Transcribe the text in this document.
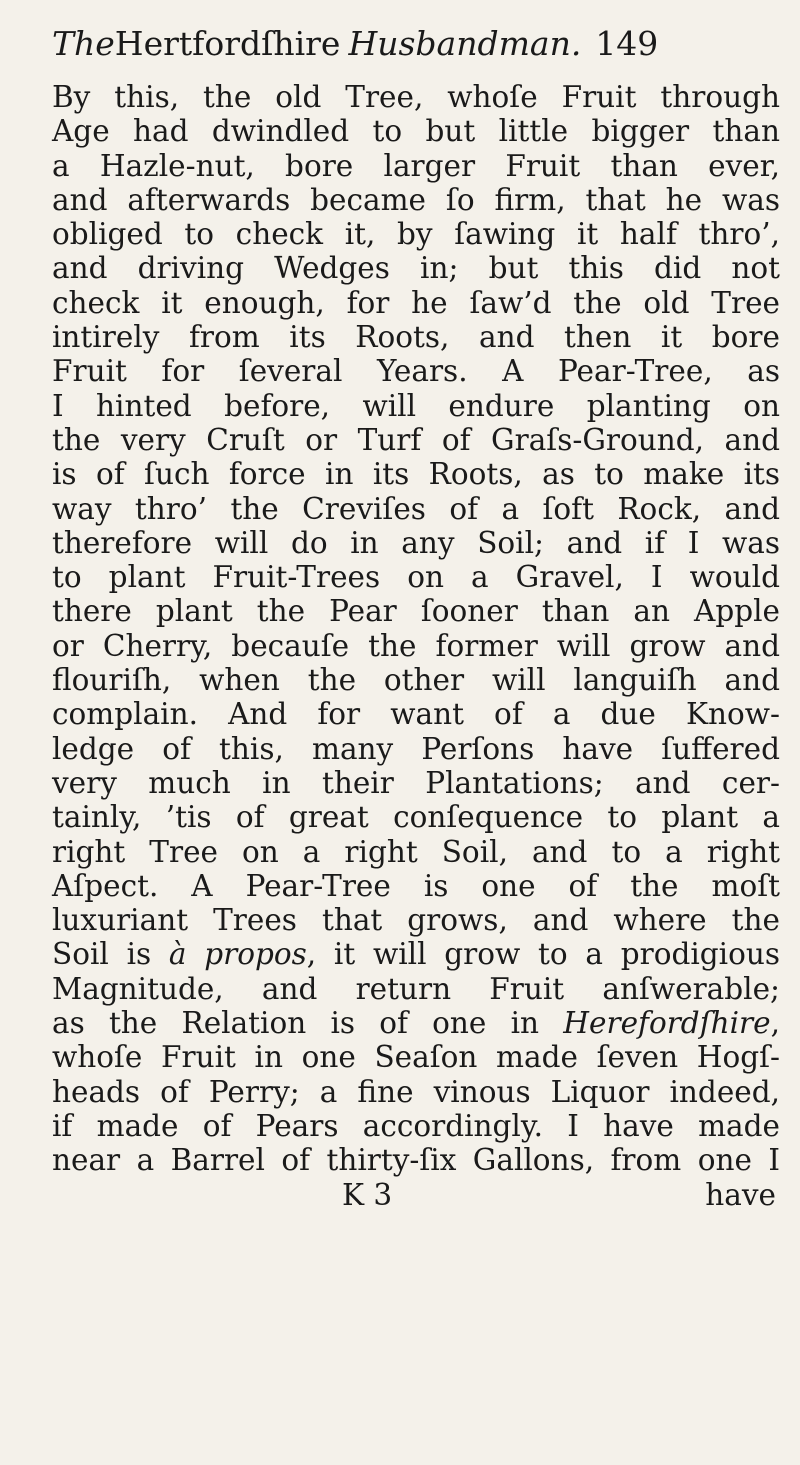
The Hertfordſhire Husbandman. 149
By this, the old Tree, whoſe Fruit through
Age had dwindled to but little bigger than
a Hazle-nut, bore larger Fruit than ever,
and afterwards became ſo firm, that he was
obliged to check it, by ſawing it half thro’,
and driving Wedges in; but this did not
check it enough, for he ſaw’d the old Tree
intirely from its Roots, and then it bore
Fruit for ſeveral Years. A Pear-Tree, as
I hinted before, will endure planting on
the very Cruſt or Turf of Graſs-Ground, and
is of ſuch force in its Roots, as to make its
way thro’ the Creviſes of a ſoft Rock, and
therefore will do in any Soil; and if I was
to plant Fruit-Trees on a Gravel, I would
there plant the Pear ſooner than an Apple
or Cherry, becauſe the former will grow and
flouriſh, when the other will languiſh and
complain. And for want of a due Know-
ledge of this, many Perſons have ſuffered
very much in their Plantations; and cer-
tainly, ’tis of great conſequence to plant a
right Tree on a right Soil, and to a right
Aſpect. A Pear-Tree is one of the moſt
luxuriant Trees that grows, and where the
Soil is à propos, it will grow to a prodigious
Magnitude, and return Fruit anſwerable;
as the Relation is of one in Herefordſhire,
whoſe Fruit in one Seaſon made ſeven Hogſ-
heads of Perry; a fine vinous Liquor indeed,
if made of Pears accordingly. I have made
near a Barrel of thirty-ſix Gallons, from one I
K 3	have
